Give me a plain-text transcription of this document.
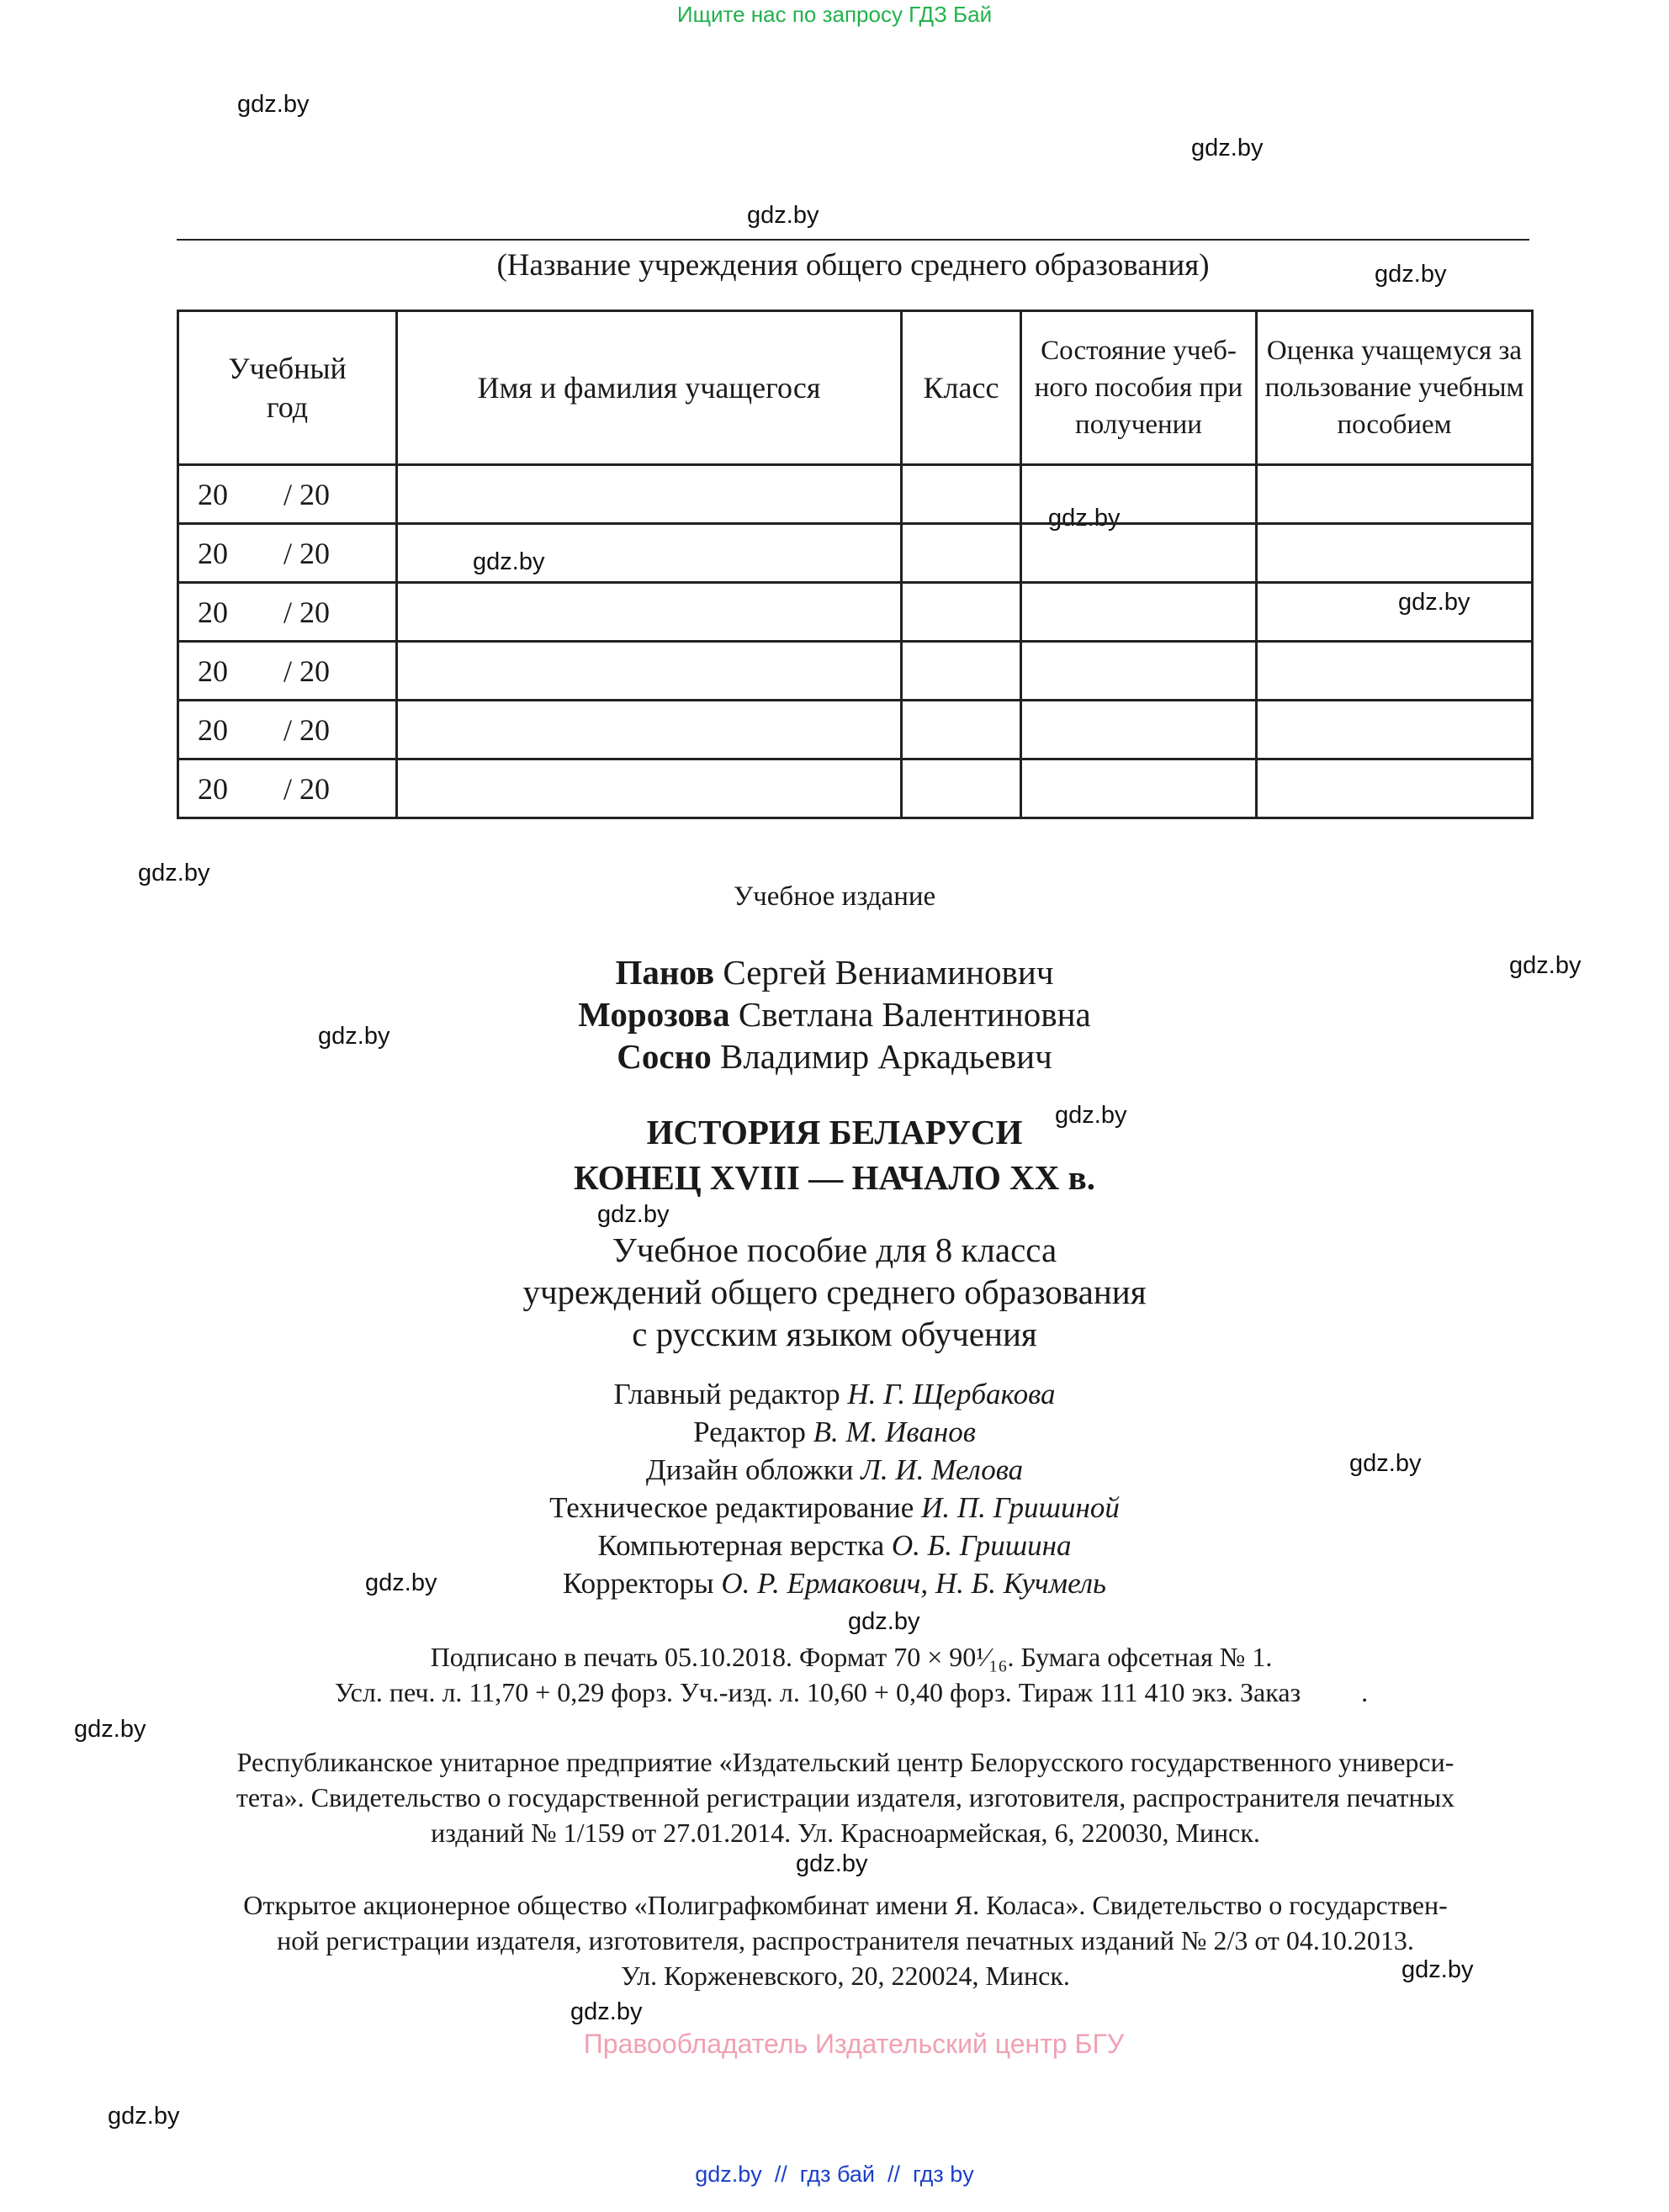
Ищите нас по запросу ГДЗ Бай
gdz.by
gdz.by
gdz.by
gdz.by
gdz.by
gdz.by
gdz.by
gdz.by
gdz.by
gdz.by
gdz.by
gdz.by
gdz.by
gdz.by
gdz.by
gdz.by
gdz.by
gdz.by
gdz.by
gdz.by
(Название учреждения общего среднего образования)
Учебный год	Имя и фамилия учащегося	Класс	Состояние учебного пособия при получении	Оценка учащемуся за пользование учебным пособием
20 / 20				
20 / 20				
20 / 20				
20 / 20				
20 / 20				
20 / 20				
Учебное издание
Панов Сергей Вениаминович
Морозова Светлана Валентиновна
Сосно Владимир Аркадьевич
ИСТОРИЯ БЕЛАРУСИ
КОНЕЦ XVIII — НАЧАЛО XX в.
Учебное пособие для 8 класса
учреждений общего среднего образования
с русским языком обучения
Главный редактор Н. Г. Щербакова
Редактор В. М. Иванов
Дизайн обложки Л. И. Мелова
Техническое редактирование И. П. Гришиной
Компьютерная верстка О. Б. Гришина
Корректоры О. Р. Ермакович, Н. Б. Кучмель
Подписано в печать 05.10.2018. Формат 70 × 90¹⁄₁₆. Бумага офсетная № 1.
Усл. печ. л. 11,70 + 0,29 форз. Уч.-изд. л. 10,60 + 0,40 форз. Тираж 111 410 экз. Заказ         .
Республиканское унитарное предприятие «Издательский центр Белорусского государственного универси-
тета». Свидетельство о государственной регистрации издателя, изготовителя, распространителя печатных
изданий № 1/159 от 27.01.2014. Ул. Красноармейская, 6, 220030, Минск.
Открытое акционерное общество «Полиграфкомбинат имени Я. Коласа». Свидетельство о государствен-
ной регистрации издателя, изготовителя, распространителя печатных изданий № 2/3 от 04.10.2013.
Ул. Корженевского, 20, 220024, Минск.
Правообладатель Издательский центр БГУ
gdz.by  //  гдз бай  //  гдз by
